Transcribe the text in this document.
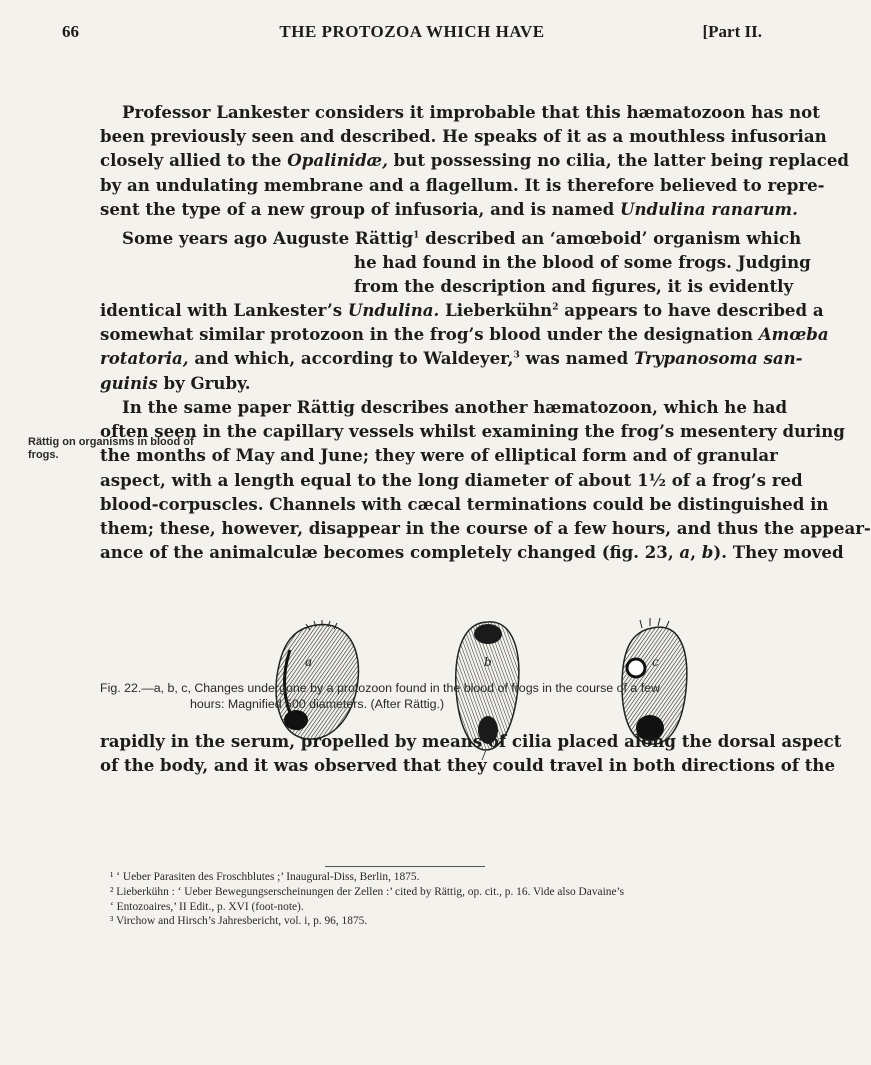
66	THE PROTOZOA WHICH HAVE	[Part II.
Professor Lankester considers it improbable that this hæmatozoon has not
been previously seen and described. He speaks of it as a mouthless infusorian
closely allied to the Opalinidæ, but possessing no cilia, the latter being replaced
by an undulating membrane and a flagellum. It is therefore believed to repre-
sent the type of a new group of infusoria, and is named Undulina ranarum.
Rättig on organisms in blood of
frogs.
Some years ago Auguste Rättig$^1$ described an ‘amœboid’ organism which
he had found in the blood of some frogs. Judging
from the description and figures, it is evidently
identical with Lankester’s Undulina. Lieberkühn$^2$ appears to have described a
somewhat similar protozoon in the frog’s blood under the designation Amœba
rotatoria, and which, according to Waldeyer,$^3$ was named Trypanosoma san-
guinis by Gruby.
In the same paper Rättig describes another hæmatozoon, which he had
often seen in the capillary vessels whilst examining the frog’s mesentery during
the months of May and June; they were of elliptical form and of granular
aspect, with a length equal to the long diameter of about 1½ of a frog’s red
blood-corpuscles. Channels with cæcal terminations could be distinguished in
them; these, however, disappear in the course of a few hours, and thus the appear-
ance of the animalculæ becomes completely changed (fig. 23, a, b). They moved
a	b	c
Fig. 22.—a, b, c, Changes undergone by a protozoon found in the blood of frogs in the course of a few
hours: Magnified 500 diameters. (After Rättig.)
rapidly in the serum, propelled by means of cilia placed along the dorsal aspect
of the body, and it was observed that they could travel in both directions of the
¹ ‘ Ueber Parasiten des Froschblutes ;’ Inaugural-Diss, Berlin, 1875.
² Lieberkühn : ‘ Ueber Bewegungserscheinungen der Zellen :’ cited by Rättig, op. cit., p. 16. Vide also Davaine’s
‘ Entozoaires,’ II Edit., p. XVI (foot-note).
³ Virchow and Hirsch’s Jahresbericht, vol. i, p. 96, 1875.
